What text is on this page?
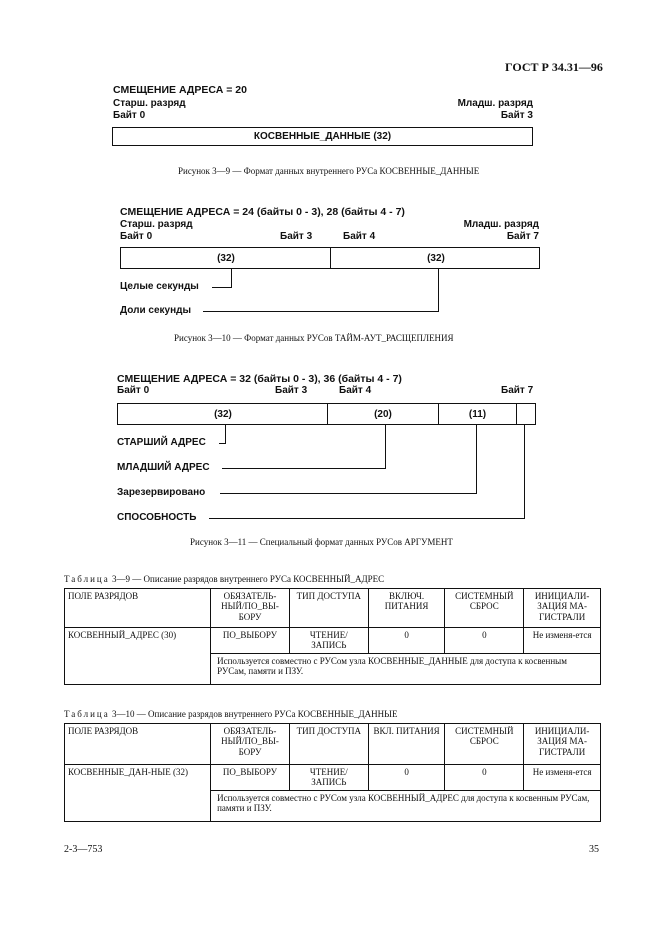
ГОСТ Р 34.31—96
СМЕЩЕНИЕ АДРЕСА = 20
Старш. разряд
Байт 0
Младш. разряд
Байт 3
КОСВЕННЫЕ_ДАННЫЕ (32)
Рисунок 3—9 — Формат данных внутреннего РУСа КОСВЕННЫЕ_ДАННЫЕ
СМЕЩЕНИЕ АДРЕСА = 24 (байты 0 - 3), 28 (байты 4 - 7)
Старш. разряд	Младш. разряд
Байт 0	Байт 3	Байт 4	Байт 7
(32)	(32)
Целые секунды
Доли секунды
Рисунок 3—10 — Формат данных РУСов ТАЙМ-АУТ_РАСЩЕПЛЕНИЯ
СМЕЩЕНИЕ АДРЕСА = 32 (байты 0 - 3), 36 (байты 4 - 7)
Байт 0	Байт 3	Байт 4	Байт 7
(32)	(20)	(11)
СТАРШИЙ АДРЕС
МЛАДШИЙ АДРЕС
Зарезервировано
СПОСОБНОСТЬ
Рисунок 3—11 — Специальный формат данных РУСов АРГУМЕНТ
Таблица 3—9 — Описание разрядов внутреннего РУСа КОСВЕННЫЙ_АДРЕС
ПОЛЕ РАЗРЯДОВ	ОБЯЗАТЕЛЬ-НЫЙ/ПО_ВЫ-БОРУ	ТИП ДОСТУПА	ВКЛЮЧ. ПИТАНИЯ	СИСТЕМНЫЙ СБРОС	ИНИЦИАЛИ-ЗАЦИЯ МА-ГИСТРАЛИ
КОСВЕННЫЙ_АДРЕС (30)	ПО_ВЫБОРУ	ЧТЕНИЕ/ ЗАПИСЬ	0	0	Не изменя-ется
	Используется совместно с РУСом узла КОСВЕННЫЕ_ДАННЫЕ для доступа к косвенным РУСам, памяти и ПЗУ.				
Таблица 3—10 — Описание разрядов внутреннего РУСа КОСВЕННЫЕ_ДАННЫЕ
ПОЛЕ РАЗРЯДОВ	ОБЯЗАТЕЛЬ-НЫЙ/ПО_ВЫ-БОРУ	ТИП ДОСТУПА	ВКЛ. ПИТАНИЯ	СИСТЕМНЫЙ СБРОС	ИНИЦИАЛИ-ЗАЦИЯ МА-ГИСТРАЛИ
КОСВЕННЫЕ_ДАН-НЫЕ (32)	ПО_ВЫБОРУ	ЧТЕНИЕ/ ЗАПИСЬ	0	0	Не изменя-ется
	Используется совместно с РУСом узла КОСВЕННЫЙ_АДРЕС для доступа к косвенным РУСам, памяти и ПЗУ.				
2-3—753	35
